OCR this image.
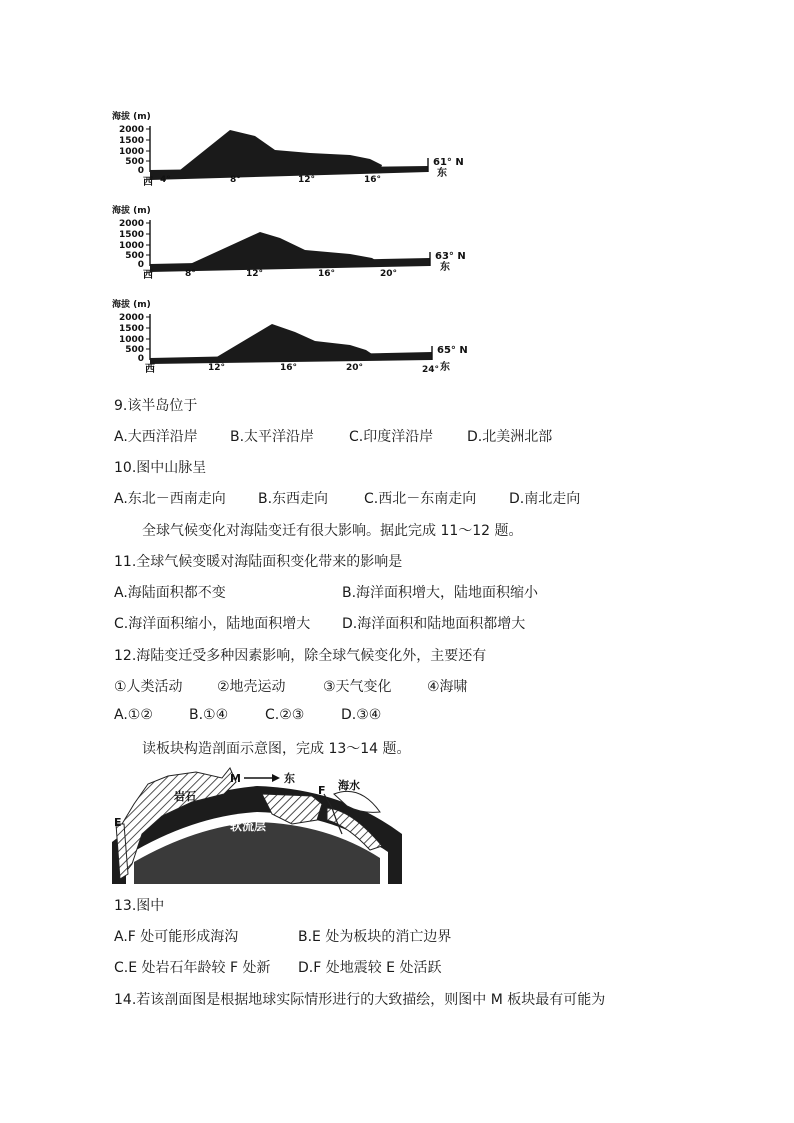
海拔 (m)
2000
1500
1000
500
0
61° N
西
东
4°	8°	12°	16°
海拔 (m)
2000
1500
1000
500
0
63° N
西
东
8°	12°	16°	20°
海拔 (m)
2000
1500
1000
500
0
65° N
西	东
12°	16°	20°	24°
9.该半岛位于
A.大西洋沿岸 B.太平洋沿岸 C.印度洋沿岸 D.北美洲北部
10.图中山脉呈
A.东北－西南走向 B.东西走向	C.西北－东南走向 D.南北走向
全球气候变化对海陆变迁有很大影响。据此完成 11～12 题。
11.全球气候变暖对海陆面积变化带来的影响是
A.海陆面积都不变	B.海洋面积增大，陆地面积缩小
C.海洋面积缩小，陆地面积增大 D.海洋面积和陆地面积都增大
12.海陆变迁受多种因素影响，除全球气候变化外，主要还有
①人类活动 ②地壳运动	③天气变化	④海啸
A.①②	B.①④	C.②③	D.③④
读板块构造剖面示意图，完成 13～14 题。
M	东
岩石
海水
F
E	软流层
13.图中
A.F 处可能形成海沟	B.E 处为板块的消亡边界
C.E 处岩石年龄较 F 处新 D.F 处地震较 E 处活跃
14.若该剖面图是根据地球实际情形进行的大致描绘，则图中 M 板块最有可能为
